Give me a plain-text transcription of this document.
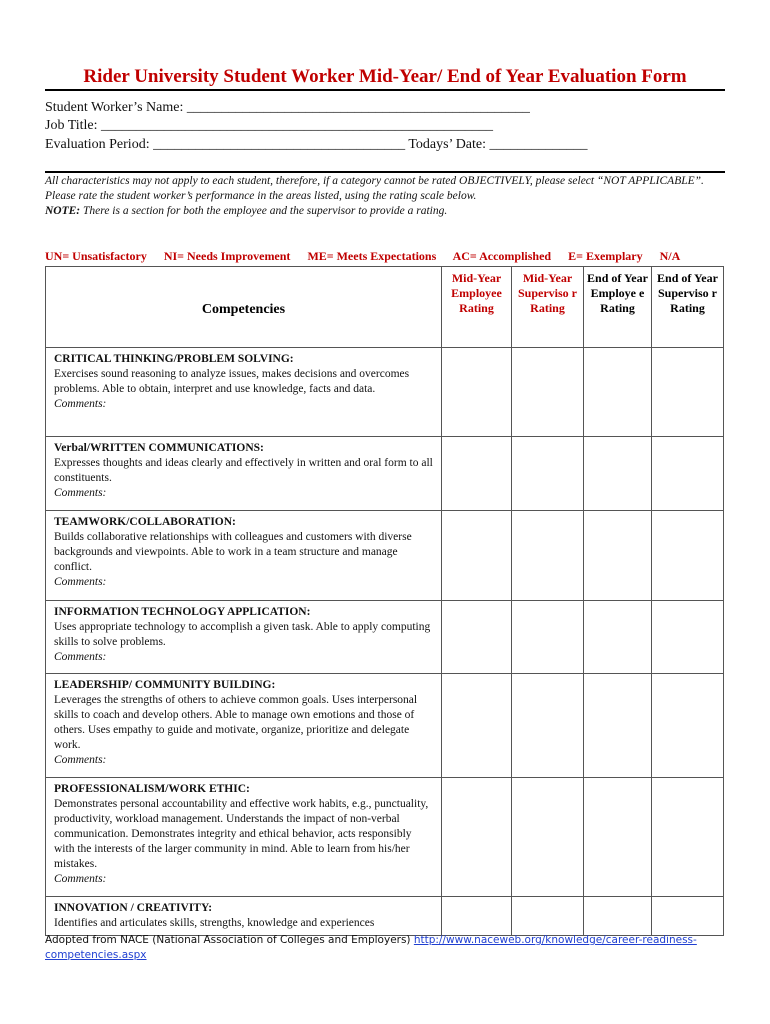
Rider University Student Worker Mid-Year/ End of Year Evaluation Form
Student Worker’s Name: _________________________________________________
Job Title: ________________________________________________________
Evaluation Period: ____________________________________ Todays’ Date: ______________

All characteristics may not apply to each student, therefore, if a category cannot be rated OBJECTIVELY, please select “NOT APPLICABLE”.

Please rate the student worker’s performance in the areas listed, using the rating scale below.

NOTE: There is a section for both the employee and the supervisor to provide a rating.

UN= Unsatisfactory NI= Needs Improvement ME= Meets Expectations AC= Accomplished E= Exemplary N/A
Competencies	Mid-Year Employee Rating	Mid-Year Superviso r Rating	End of Year Employe e Rating	End of Year Superviso r Rating

CRITICAL THINKING/PROBLEM SOLVING:
Exercises sound reasoning to analyze issues, makes decisions and overcomes problems. Able to obtain, interpret and use knowledge, facts and data.
Comments:				

Verbal/WRITTEN COMMUNICATIONS:
Expresses thoughts and ideas clearly and effectively in written and oral form to all constituents.
Comments:				

TEAMWORK/COLLABORATION:
Builds collaborative relationships with colleagues and customers with diverse backgrounds and viewpoints. Able to work in a team structure and manage conflict.
Comments:				

INFORMATION TECHNOLOGY APPLICATION:
Uses appropriate technology to accomplish a given task. Able to apply computing skills to solve problems.
Comments:				

LEADERSHIP/ COMMUNITY BUILDING:
Leverages the strengths of others to achieve common goals. Uses interpersonal skills to coach and develop others. Able to manage own emotions and those of others. Uses empathy to guide and motivate, organize, prioritize and delegate work.
Comments:				

PROFESSIONALISM/WORK ETHIC:
Demonstrates personal accountability and effective work habits, e.g., punctuality, productivity, workload management. Understands the impact of non-verbal communication. Demonstrates integrity and ethical behavior, acts responsibly with the interests of the larger community in mind. Able to learn from his/her mistakes.
Comments:				

INNOVATION / CREATIVITY:
Identifies and articulates skills, strengths, knowledge and experiences				

Adopted from NACE (National Association of Colleges and Employers) http://www.naceweb.org/knowledge/career-readiness-competencies.aspx
